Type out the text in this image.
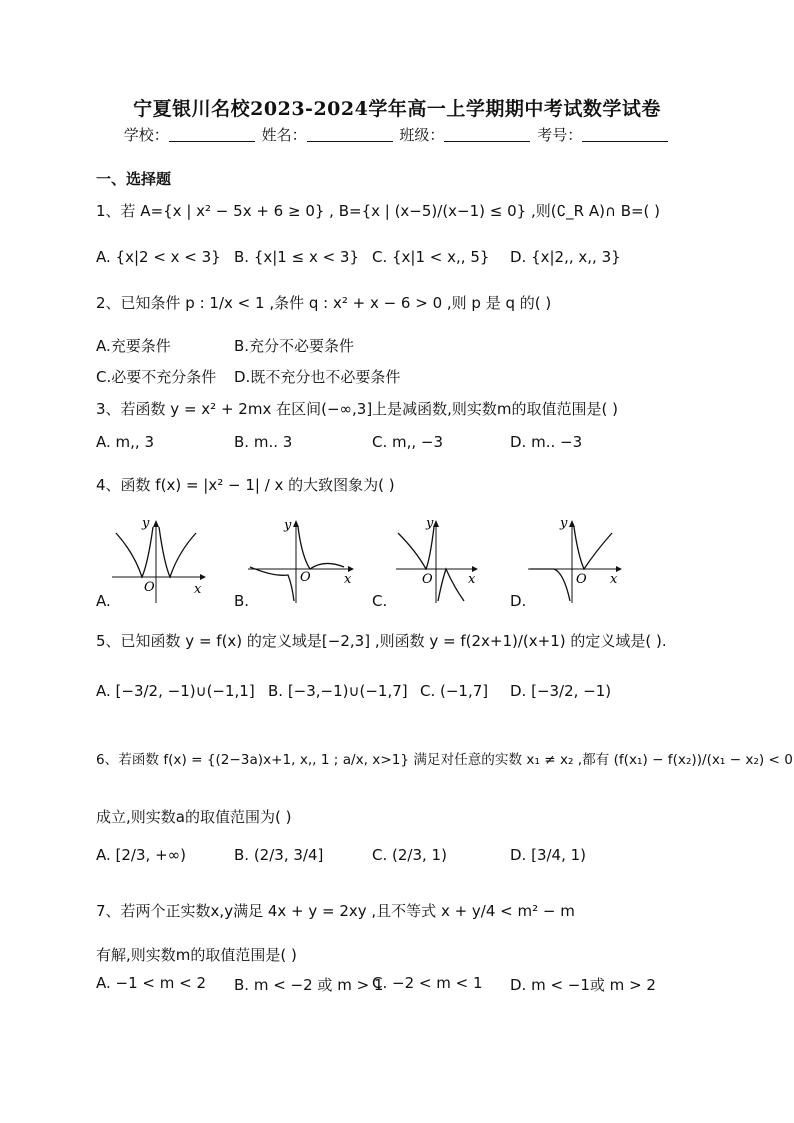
宁夏银川名校2023-2024学年高一上学期期中考试数学试卷
学校：	姓名：	班级：	考号：
一、选择题
1、若 A={x | x² − 5x + 6 ≥ 0} , B={x | (x−5)/(x−1) ≤ 0} ,则(∁_R A)∩ B=( )
A. {x|2 < x < 3} B. {x|1 ≤ x < 3} C. {x|1 < x,, 5} D. {x|2,, x,, 3}
2、已知条件 p : 1/x < 1 ,条件 q : x² + x − 6 > 0 ,则 p 是 q 的( )
A.充要条件	B.充分不必要条件
C.必要不充分条件 D.既不充分也不必要条件
3、若函数 y = x² + 2mx 在区间(−∞,3]上是减函数,则实数m的取值范围是( )
A. m,, 3	B. m.. 3	C. m,, −3	D. m.. −3
4、函数 f(x) = |x² − 1| / x 的大致图象为( )
y
O	x
A.
y
O	x
B.
y
O	x
C.
y
O x
D.
5、已知函数 y = f(x) 的定义域是[−2,3] ,则函数 y = f(2x+1)/(x+1) 的定义域是( ).
A. [−3/2, −1)∪(−1,1] B. [−3,−1)∪(−1,7] C. (−1,7] D. [−3/2, −1)
6、若函数 f(x) = {(2−3a)x+1, x,, 1 ; a/x, x>1} 满足对任意的实数 x₁ ≠ x₂ ,都有 (f(x₁) − f(x₂))/(x₁ − x₂) < 0
成立,则实数a的取值范围为( )
A. [2/3, +∞)	B. (2/3, 3/4]	C. (2/3, 1)	D. [3/4, 1)
7、若两个正实数x,y满足 4x + y = 2xy ,且不等式 x + y/4 < m² − m
有解,则实数m的取值范围是( )
A. −1 < m < 2 B. m < −2 或 m > 1
C. −2 < m < 1 D. m < −1或 m > 2
